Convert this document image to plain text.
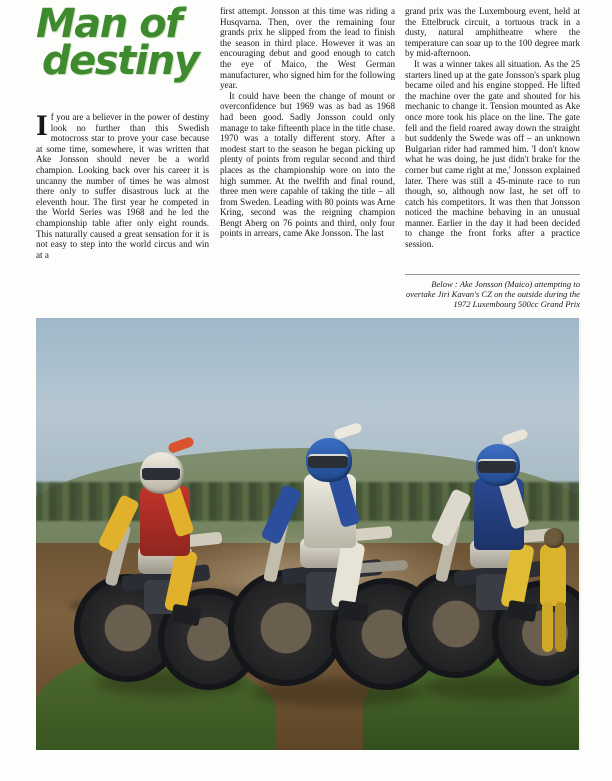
Man of
destiny

If you are a believer in the power of destiny look no further than this Swedish motocross star to prove your case because at some time, somewhere, it was written that Ake Jonsson should never be a world champion. Looking back over his career it is uncanny the number of times he was almost there only to suffer disastrous luck at the eleventh hour. The first year he competed in the World Series was 1968 and he led the championship table after only eight rounds. This naturally caused a great sensation for it is not easy to step into the world circus and win at a

first attempt. Jonsson at this time was riding a Husqvarna. Then, over the remaining four grands prix he slipped from the lead to finish the season in third place. However it was an encouraging debut and good enough to catch the eye of Maico, the West German manufacturer, who signed him for the following year.

It could have been the change of mount or overconfidence but 1969 was as bad as 1968 had been good. Sadly Jonsson could only manage to take fifteenth place in the title chase. 1970 was a totally different story. After a modest start to the season he began picking up plenty of points from regular second and third places as the championship wore on into the high summer. At the twelfth and final round, three men were capable of taking the title – all from Sweden. Leading with 80 points was Arne Kring, second was the reigning champion Bengt Aberg on 76 points and third, only four points in arrears, came Ake Jonsson. The last

grand prix was the Luxembourg event, held at the Ettelbruck circuit, a tortuous track in a dusty, natural amphitheatre where the temperature can soar up to the 100 degree mark by mid-afternoon.

It was a winner takes all situation. As the 25 starters lined up at the gate Jonsson's spark plug became oiled and his engine stopped. He lifted the machine over the gate and shouted for his mechanic to change it. Tension mounted as Ake once more took his place on the line. The gate fell and the field roared away down the straight but suddenly the Swede was off – an unknown Bulgarian rider had rammed him. 'I don't know what he was doing, he just didn't brake for the corner but came right at me,' Jonsson explained later. There was still a 45-minute race to run though, so, although now last, he set off to catch his competitors. It was then that Jonsson noticed the machine behaving in an unusual manner. Earlier in the day it had been decided to change the front forks after a practice session.

Below : Ake Jonsson (Maico) attempting to overtake Jiri Kavan's CZ on the outside during the 1972 Luxembourg 500cc Grand Prix
